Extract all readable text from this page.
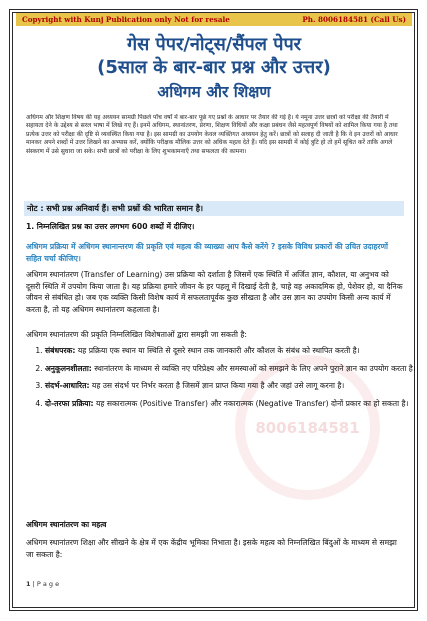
Copyright with Kunj Publication only Not for resale	Ph. 8006184581 (Call Us)
गेस पेपर/नोट्स/सैंपल पेपर
(5साल के बार-बार प्रश्न और उत्तर)
अधिगम और शिक्षण
अधिगम और शिक्षण विषय की यह अध्ययन सामग्री पिछले पाँच वर्षों में बार-बार पूछे गए प्रश्नों के आधार पर तैयार की गई है। ये नमूना उत्तर छात्रों को परीक्षा की तैयारी में सहायता देने के उद्देश्य से सरल भाषा में लिखे गए हैं। इनमें अधिगम, स्थानांतरण, प्रेरणा, शिक्षण विधियों और कक्षा प्रबंधन जैसे महत्वपूर्ण विषयों को शामिल किया गया है तथा प्रत्येक उत्तर को परीक्षा की दृष्टि से व्यवस्थित किया गया है। इस सामग्री का उपयोग केवल व्यक्तिगत अध्ययन हेतु करें। छात्रों को सलाह दी जाती है कि वे इन उत्तरों को आधार मानकर अपने शब्दों में उत्तर लिखने का अभ्यास करें, क्योंकि परीक्षक मौलिक उत्तर को अधिक महत्व देते हैं। यदि इस सामग्री में कोई त्रुटि हो तो हमें सूचित करें ताकि अगले संस्करण में उसे सुधारा जा सके। सभी छात्रों को परीक्षा के लिए शुभकामनाएँ तथा सफलता की कामना।
8006184581
नोट : सभी प्रश्न अनिवार्य हैं। सभी प्रश्नों की भारिता समान है।
1. निम्नलिखित प्रश्न का उत्तर लगभग 600 शब्दों में दीजिए।
अधिगम प्रक्रिया में अधिगम स्थानान्तरण की प्रकृति एवं महत्व की व्याख्या आप कैसे करेंगे ? इसके विविध प्रकारों की उचित उदाहरणों सहित चर्चा कीजिए।
अधिगम स्थानांतरण (Transfer of Learning) उस प्रक्रिया को दर्शाता है जिसमें एक स्थिति में अर्जित ज्ञान, कौशल, या अनुभव को दूसरी स्थिति में उपयोग किया जाता है। यह प्रक्रिया हमारे जीवन के हर पहलू में दिखाई देती है, चाहे वह अकादमिक हो, पेशेवर हो, या दैनिक जीवन से संबंधित हो। जब एक व्यक्ति किसी विशेष कार्य में सफलतापूर्वक कुछ सीखता है और उस ज्ञान का उपयोग किसी अन्य कार्य में करता है, तो यह अधिगम स्थानांतरण कहलाता है।
अधिगम स्थानांतरण की प्रकृति निम्नलिखित विशेषताओं द्वारा समझी जा सकती है:
1. संबंधपरक: यह प्रक्रिया एक स्थान या स्थिति से दूसरे स्थान तक जानकारी और कौशल के संबंध को स्थापित करती है।
2. अनुकूलनशीलता: स्थानांतरण के माध्यम से व्यक्ति नए परिप्रेक्ष्य और समस्याओं को समझने के लिए अपने पुराने ज्ञान का उपयोग करता है।
3. संदर्भ-आधारित: यह उस संदर्भ पर निर्भर करता है जिसमें ज्ञान प्राप्त किया गया है और जहां उसे लागू करना है।
4. दो-तरफा प्रक्रिया: यह सकारात्मक (Positive Transfer) और नकारात्मक (Negative Transfer) दोनों प्रकार का हो सकता है।
अधिगम स्थानांतरण का महत्व
अधिगम स्थानांतरण शिक्षा और सीखने के क्षेत्र में एक केंद्रीय भूमिका निभाता है। इसके महत्व को निम्नलिखित बिंदुओं के माध्यम से समझा जा सकता है:
1 | P a g e
